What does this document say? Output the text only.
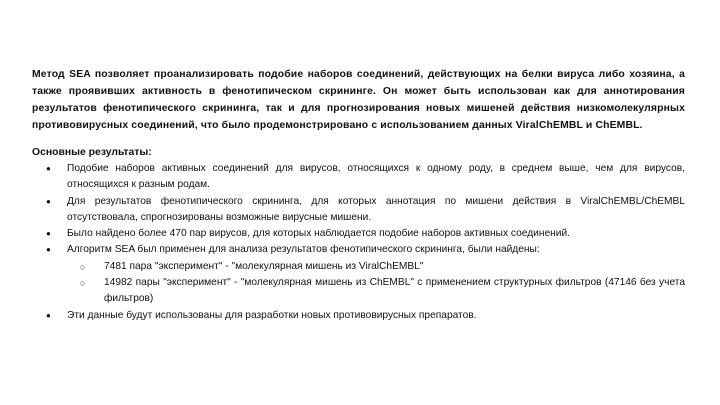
Метод SEA позволяет проанализировать подобие наборов соединений, действующих на белки вируса либо хозяина, а также проявивших активность в фенотипическом скрининге. Он может быть использован как для аннотирования результатов фенотипического скрининга, так и для прогнозирования новых мишеней действия низкомолекулярных противовирусных соединений, что было продемонстрировано с использованием данных ViralChEMBL и ChEMBL.

Основные результаты:

● Подобие наборов активных соединений для вирусов, относящихся к одному роду, в среднем выше, чем для вирусов, относящихся к разным родам.
● Для результатов фенотипического скрининга, для которых аннотация по мишени действия в ViralChEMBL/ChEMBL отсутствовала, спрогнозированы возможные вирусные мишени.
● Было найдено более 470 пар вирусов, для которых наблюдается подобие наборов активных соединений.
● Алгоритм SEA был применен для анализа результатов фенотипического скрининга, были найдены:
○ 7481 пара "эксперимент" - "молекулярная мишень из ViralChEMBL"
○ 14982 пары "эксперимент" - "молекулярная мишень из ChEMBL" с применением структурных фильтров (47146 без учета фильтров)
● Эти данные будут использованы для разработки новых противовирусных препаратов.
